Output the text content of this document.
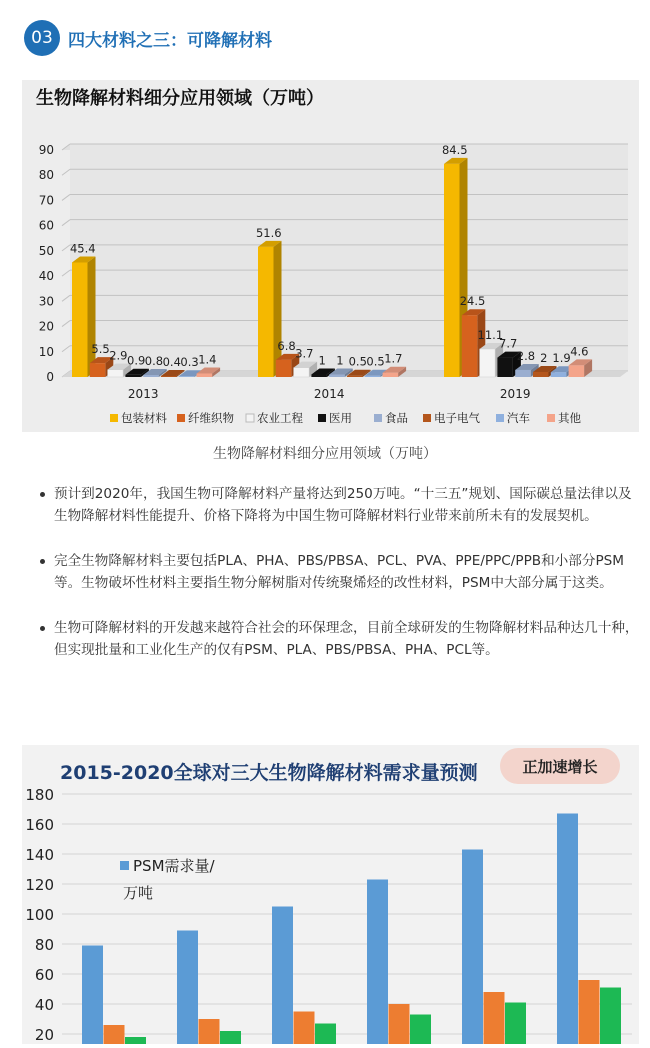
03 四大材料之三：可降解材料
生物降解材料细分应用领域（万吨）
0
10
20
30
40
50
60
70
80
90
45.4
5.5 2.9 0.9 0.8 0.4 0.3 1.4
2013
51.6
6.8
3.7 1 1 0.5 0.5 1.7
2014
84.5
24.5
11.1
7.7
2.8 2 1.9 4.6
2019
包装材料 纤维织物 农业工程 医用	食品 电子电气 汽车 其他
生物降解材料细分应用领域（万吨）
预计到2020年，我国生物可降解材料产量将达到250万吨。“十三五”规划、国际碳总量法律以及生物降解材料性能提升、价格下降将为中国生物可降解材料行业带来前所未有的发展契机。
完全生物降解材料主要包括PLA、PHA、PBS/PBSA、PCL、PVA、PPE/PPC/PPB和小部分PSM等。生物破坏性材料主要指生物分解树脂对传统聚烯烃的改性材料，PSM中大部分属于这类。
生物可降解材料的开发越来越符合社会的环保理念，目前全球研发的生物降解材料品种达几十种，但实现批量和工业化生产的仅有PSM、PLA、PBS/PBSA、PHA、PCL等。
2015-2020全球对三大生物降解材料需求量预测
20
40
60
80
100
120
140
160
180
PSM需求量/
万吨
正加速增长
